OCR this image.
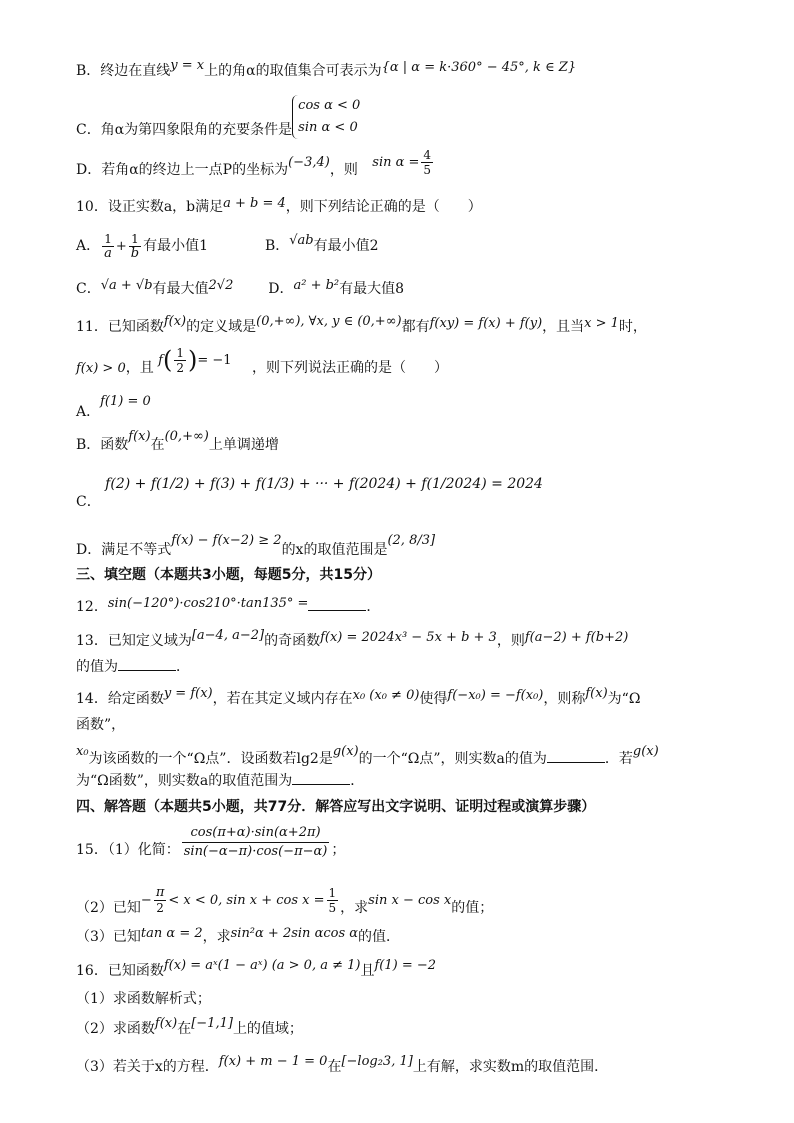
B．终边在直线y = x上的角α的取值集合可表示为{α | α = k·360° − 45°, k ∈ Z}
C．角α为第四象限角的充要条件是
cos α < 0
sin α < 0
D．若角α的终边上一点P的坐标为(−3,4)，则 $\sin \alpha = \frac{4}{5}$
10．设正实数a，b满足a + b = 4，则下列结论正确的是（　　）
A． $\frac{1}{a} + \frac{1}{b}$ 有最小值1	B．√ab有最小值2
C．√a + √b有最大值2√2 D．a² + b²有最大值8
11．已知函数f(x)的定义域是(0,+∞), ∀x, y ∈ (0,+∞)都有f(xy) = f(x) + f(y)，且当x > 1时，
f(x) > 0，且 $f( \frac{1}{2}$ )= −1 ，则下列说法正确的是（　　）
A．f(1) = 0
B．函数f(x)在(0,+∞)上单调递增
C． f(2) + f(1/2) + f(3) + f(1/3) + ··· + f(2024) + f(1/2024) = 2024
D．满足不等式f(x) − f(x−2) ≥ 2的x的取值范围是(2, 8/3]
三、填空题（本题共3小题，每题5分，共15分）
12．sin(−120°)·cos210°·tan135° =	．
13．已知定义域为[a−4, a−2]的奇函数f(x) = 2024x³ − 5x + b + 3，则f(a−2) + f(b+2)
的值为	．
14．给定函数y = f(x)，若在其定义域内存在x₀ (x₀ ≠ 0)使得f(−x₀) = −f(x₀)，则称f(x)为“Ω
函数”，
x₀为该函数的一个“Ω点”．设函数若lg2是g(x)的一个“Ω点”，则实数a的值为	．若g(x)
为“Ω函数”，则实数a的取值范围为	．
四、解答题（本题共5小题，共77分．解答应写出文字说明、证明过程或演算步骤）
15．（1）化简： $\frac{\cos(\pi+\alpha)\cdot\sin(\alpha+2\pi)}{\sin(-\alpha-\pi)\cdot\cos(-\pi-\alpha)}$ ；
（2）已知− $\frac{\pi}{2} < x < 0$, $\sin x + \cos x = \frac{1}{5}$ ，求sin x − cos x的值；
（3）已知tan α = 2，求sin²α + 2sin αcos α的值．
16．已知函数f(x) = aˣ(1 − aˣ) (a > 0, a ≠ 1)且f(1) = −2
（1）求函数解析式；
（2）求函数f(x)在[−1,1]上的值域；
（3）若关于x的方程．f(x) + m − 1 = 0在[−log₂3, 1]上有解，求实数m的取值范围．
